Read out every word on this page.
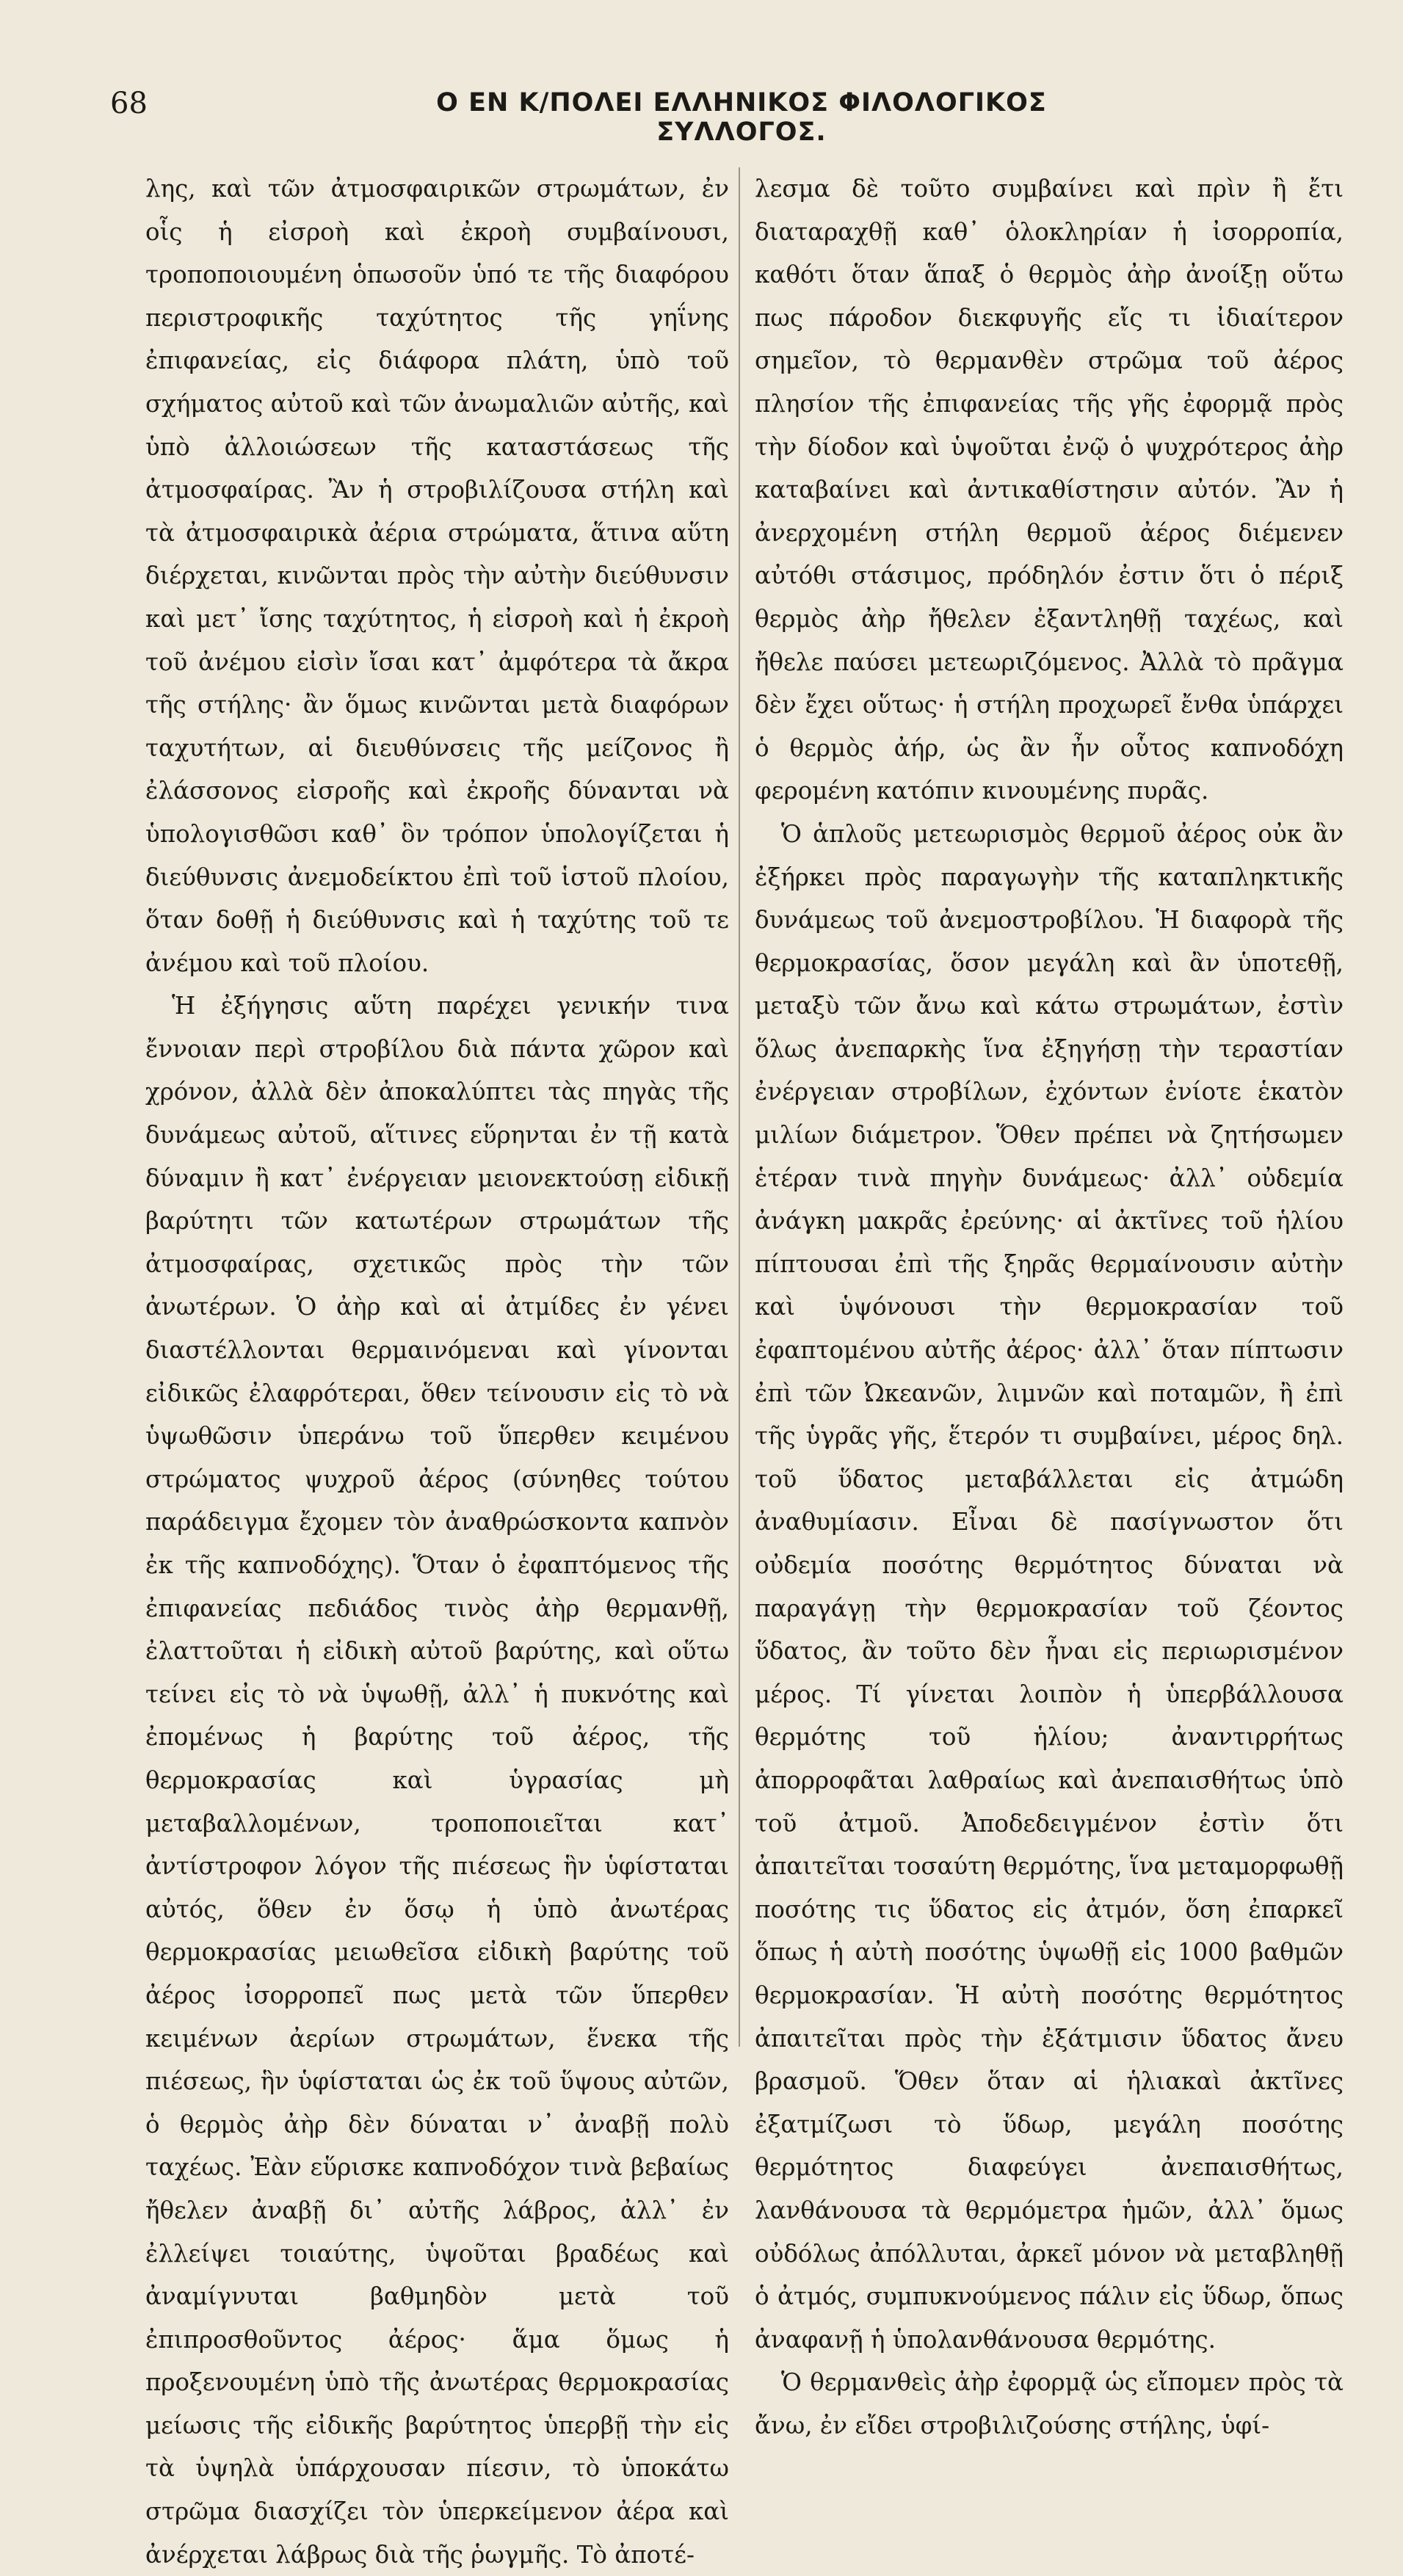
68	Ο ΕΝ Κ/ΠΟΛΕΙ ΕΛΛΗΝΙΚΟΣ ΦΙΛΟΛΟΓΙΚΟΣ ΣΥΛΛΟΓΟΣ.

λης, καὶ τῶν ἀτμοσφαιρικῶν στρωμάτων, ἐν οἷς ἡ εἰσροὴ καὶ ἐκροὴ συμβαίνουσι, τροποποιουμένη ὁπωσοῦν ὑπό τε τῆς διαφόρου περιστροφικῆς ταχύτητος τῆς γηΐνης ἐπιφανείας, εἰς διάφορα πλάτη, ὑπὸ τοῦ σχήματος αὐτοῦ καὶ τῶν ἀνωμαλιῶν αὐτῆς, καὶ ὑπὸ ἀλλοιώσεων τῆς καταστάσεως τῆς ἀτμοσφαίρας. Ἂν ἡ στροβιλίζουσα στήλη καὶ τὰ ἀτμοσφαιρικὰ ἀέρια στρώματα, ἅτινα αὕτη διέρχεται, κινῶνται πρὸς τὴν αὐτὴν διεύθυνσιν καὶ μετ᾽ ἴσης ταχύτητος, ἡ εἰσροὴ καὶ ἡ ἐκροὴ τοῦ ἀνέμου εἰσὶν ἴσαι κατ᾽ ἀμφότερα τὰ ἄκρα τῆς στήλης· ἂν ὅμως κινῶνται μετὰ διαφόρων ταχυτήτων, αἱ διευθύνσεις τῆς μείζονος ἢ ἐλάσσονος εἰσροῆς καὶ ἐκροῆς δύνανται νὰ ὑπολογισθῶσι καθ᾽ ὃν τρόπον ὑπολογίζεται ἡ διεύθυνσις ἀνεμοδείκτου ἐπὶ τοῦ ἱστοῦ πλοίου, ὅταν δοθῇ ἡ διεύθυνσις καὶ ἡ ταχύτης τοῦ τε ἀνέμου καὶ τοῦ πλοίου.

Ἡ ἐξήγησις αὕτη παρέχει γενικήν τινα ἔννοιαν περὶ στροβίλου διὰ πάντα χῶρον καὶ χρόνον, ἀλλὰ δὲν ἀποκαλύπτει τὰς πηγὰς τῆς δυνάμεως αὐτοῦ, αἵτινες εὕρηνται ἐν τῇ κατὰ δύναμιν ἢ κατ᾽ ἐνέργειαν μειονεκτούσῃ εἰδικῇ βαρύτητι τῶν κατωτέρων στρωμάτων τῆς ἀτμοσφαίρας, σχετικῶς πρὸς τὴν τῶν ἀνωτέρων. Ὁ ἀὴρ καὶ αἱ ἀτμίδες ἐν γένει διαστέλλονται θερμαινόμεναι καὶ γίνονται εἰδικῶς ἐλαφρότεραι, ὅθεν τείνουσιν εἰς τὸ νὰ ὑψωθῶσιν ὑπεράνω τοῦ ὕπερθεν κειμένου στρώματος ψυχροῦ ἀέρος (σύνηθες τούτου παράδειγμα ἔχομεν τὸν ἀναθρώσκοντα καπνὸν ἐκ τῆς καπνοδόχης). Ὅταν ὁ ἐφαπτόμενος τῆς ἐπιφανείας πεδιάδος τινὸς ἀὴρ θερμανθῇ, ἐλαττοῦται ἡ εἰδικὴ αὐτοῦ βαρύτης, καὶ οὕτω τείνει εἰς τὸ νὰ ὑψωθῇ, ἀλλ᾽ ἡ πυκνότης καὶ ἐπομένως ἡ βαρύτης τοῦ ἀέρος, τῆς θερμοκρασίας καὶ ὑγρασίας μὴ μεταβαλλομένων, τροποποιεῖται κατ᾽ ἀντίστροφον λόγον τῆς πιέσεως ἣν ὑφίσταται αὐτός, ὅθεν ἐν ὅσῳ ἡ ὑπὸ ἀνωτέρας θερμοκρασίας μειωθεῖσα εἰδικὴ βαρύτης τοῦ ἀέρος ἰσορροπεῖ πως μετὰ τῶν ὕπερθεν κειμένων ἀερίων στρωμάτων, ἕνεκα τῆς πιέσεως, ἣν ὑφίσταται ὡς ἐκ τοῦ ὕψους αὐτῶν, ὁ θερμὸς ἀὴρ δὲν δύναται ν᾽ ἀναβῇ πολὺ ταχέως. Ἐὰν εὕρισκε καπνοδόχον τινὰ βεβαίως ἤθελεν ἀναβῇ δι᾽ αὐτῆς λάβρος, ἀλλ᾽ ἐν ἐλλείψει τοιαύτης, ὑψοῦται βραδέως καὶ ἀναμίγνυται βαθμηδὸν μετὰ τοῦ ἐπιπροσθοῦντος ἀέρος· ἅμα ὅμως ἡ προξενουμένη ὑπὸ τῆς ἀνωτέρας θερμοκρασίας μείωσις τῆς εἰδικῆς βαρύτητος ὑπερβῇ τὴν εἰς τὰ ὑψηλὰ ὑπάρχουσαν πίεσιν, τὸ ὑποκάτω στρῶμα διασχίζει τὸν ὑπερκείμενον ἀέρα καὶ ἀνέρχεται λάβρως διὰ τῆς ῥωγμῆς. Τὸ ἀποτέ-

λεσμα δὲ τοῦτο συμβαίνει καὶ πρὶν ἢ ἔτι διαταραχθῇ καθ᾽ ὁλοκληρίαν ἡ ἰσορροπία, καθότι ὅταν ἅπαξ ὁ θερμὸς ἀὴρ ἀνοίξῃ οὕτω πως πάροδον διεκφυγῆς εἴς τι ἰδιαίτερον σημεῖον, τὸ θερμανθὲν στρῶμα τοῦ ἀέρος πλησίον τῆς ἐπιφανείας τῆς γῆς ἐφορμᾷ πρὸς τὴν δίοδον καὶ ὑψοῦται ἐνῷ ὁ ψυχρότερος ἀὴρ καταβαίνει καὶ ἀντικαθίστησιν αὐτόν. Ἂν ἡ ἀνερχομένη στήλη θερμοῦ ἀέρος διέμενεν αὐτόθι στάσιμος, πρόδηλόν ἐστιν ὅτι ὁ πέριξ θερμὸς ἀὴρ ἤθελεν ἐξαντληθῇ ταχέως, καὶ ἤθελε παύσει μετεωριζόμενος. Ἀλλὰ τὸ πρᾶγμα δὲν ἔχει οὕτως· ἡ στήλη προχωρεῖ ἔνθα ὑπάρχει ὁ θερμὸς ἀήρ, ὡς ἂν ἦν οὗτος καπνοδόχη φερομένη κατόπιν κινουμένης πυρᾶς.

Ὁ ἁπλοῦς μετεωρισμὸς θερμοῦ ἀέρος οὐκ ἂν ἐξήρκει πρὸς παραγωγὴν τῆς καταπληκτικῆς δυνάμεως τοῦ ἀνεμοστροβίλου. Ἡ διαφορὰ τῆς θερμοκρασίας, ὅσον μεγάλη καὶ ἂν ὑποτεθῇ, μεταξὺ τῶν ἄνω καὶ κάτω στρωμάτων, ἐστὶν ὅλως ἀνεπαρκὴς ἵνα ἐξηγήσῃ τὴν τεραστίαν ἐνέργειαν στροβίλων, ἐχόντων ἐνίοτε ἑκατὸν μιλίων διάμετρον. Ὅθεν πρέπει νὰ ζητήσωμεν ἑτέραν τινὰ πηγὴν δυνάμεως· ἀλλ᾽ οὐδεμία ἀνάγκη μακρᾶς ἐρεύνης· αἱ ἀκτῖνες τοῦ ἡλίου πίπτουσαι ἐπὶ τῆς ξηρᾶς θερμαίνουσιν αὐτὴν καὶ ὑψόνουσι τὴν θερμοκρασίαν τοῦ ἐφαπτομένου αὐτῆς ἀέρος· ἀλλ᾽ ὅταν πίπτωσιν ἐπὶ τῶν Ὠκεανῶν, λιμνῶν καὶ ποταμῶν, ἢ ἐπὶ τῆς ὑγρᾶς γῆς, ἕτερόν τι συμβαίνει, μέρος δηλ. τοῦ ὕδατος μεταβάλλεται εἰς ἀτμώδη ἀναθυμίασιν. Εἶναι δὲ πασίγνωστον ὅτι οὐδεμία ποσότης θερμότητος δύναται νὰ παραγάγῃ τὴν θερμοκρασίαν τοῦ ζέοντος ὕδατος, ἂν τοῦτο δὲν ἦναι εἰς περιωρισμένον μέρος. Τί γίνεται λοιπὸν ἡ ὑπερβάλλουσα θερμότης τοῦ ἡλίου; ἀναντιρρήτως ἀπορροφᾶται λαθραίως καὶ ἀνεπαισθήτως ὑπὸ τοῦ ἀτμοῦ. Ἀποδεδειγμένον ἐστὶν ὅτι ἀπαιτεῖται τοσαύτη θερμότης, ἵνα μεταμορφωθῇ ποσότης τις ὕδατος εἰς ἀτμόν, ὅση ἐπαρκεῖ ὅπως ἡ αὐτὴ ποσότης ὑψωθῇ εἰς 1000 βαθμῶν θερμοκρασίαν. Ἡ αὐτὴ ποσότης θερμότητος ἀπαιτεῖται πρὸς τὴν ἐξάτμισιν ὕδατος ἄνευ βρασμοῦ. Ὅθεν ὅταν αἱ ἡλιακαὶ ἀκτῖνες ἐξατμίζωσι τὸ ὕδωρ, μεγάλη ποσότης θερμότητος διαφεύγει ἀνεπαισθήτως, λανθάνουσα τὰ θερμόμετρα ἡμῶν, ἀλλ᾽ ὅμως οὐδόλως ἀπόλλυται, ἀρκεῖ μόνον νὰ μεταβληθῇ ὁ ἀτμός, συμπυκνούμενος πάλιν εἰς ὕδωρ, ὅπως ἀναφανῇ ἡ ὑπολανθάνουσα θερμότης.

Ὁ θερμανθεὶς ἀὴρ ἐφορμᾷ ὡς εἴπομεν πρὸς τὰ ἄνω, ἐν εἴδει στροβιλιζούσης στήλης, ὑφί-
